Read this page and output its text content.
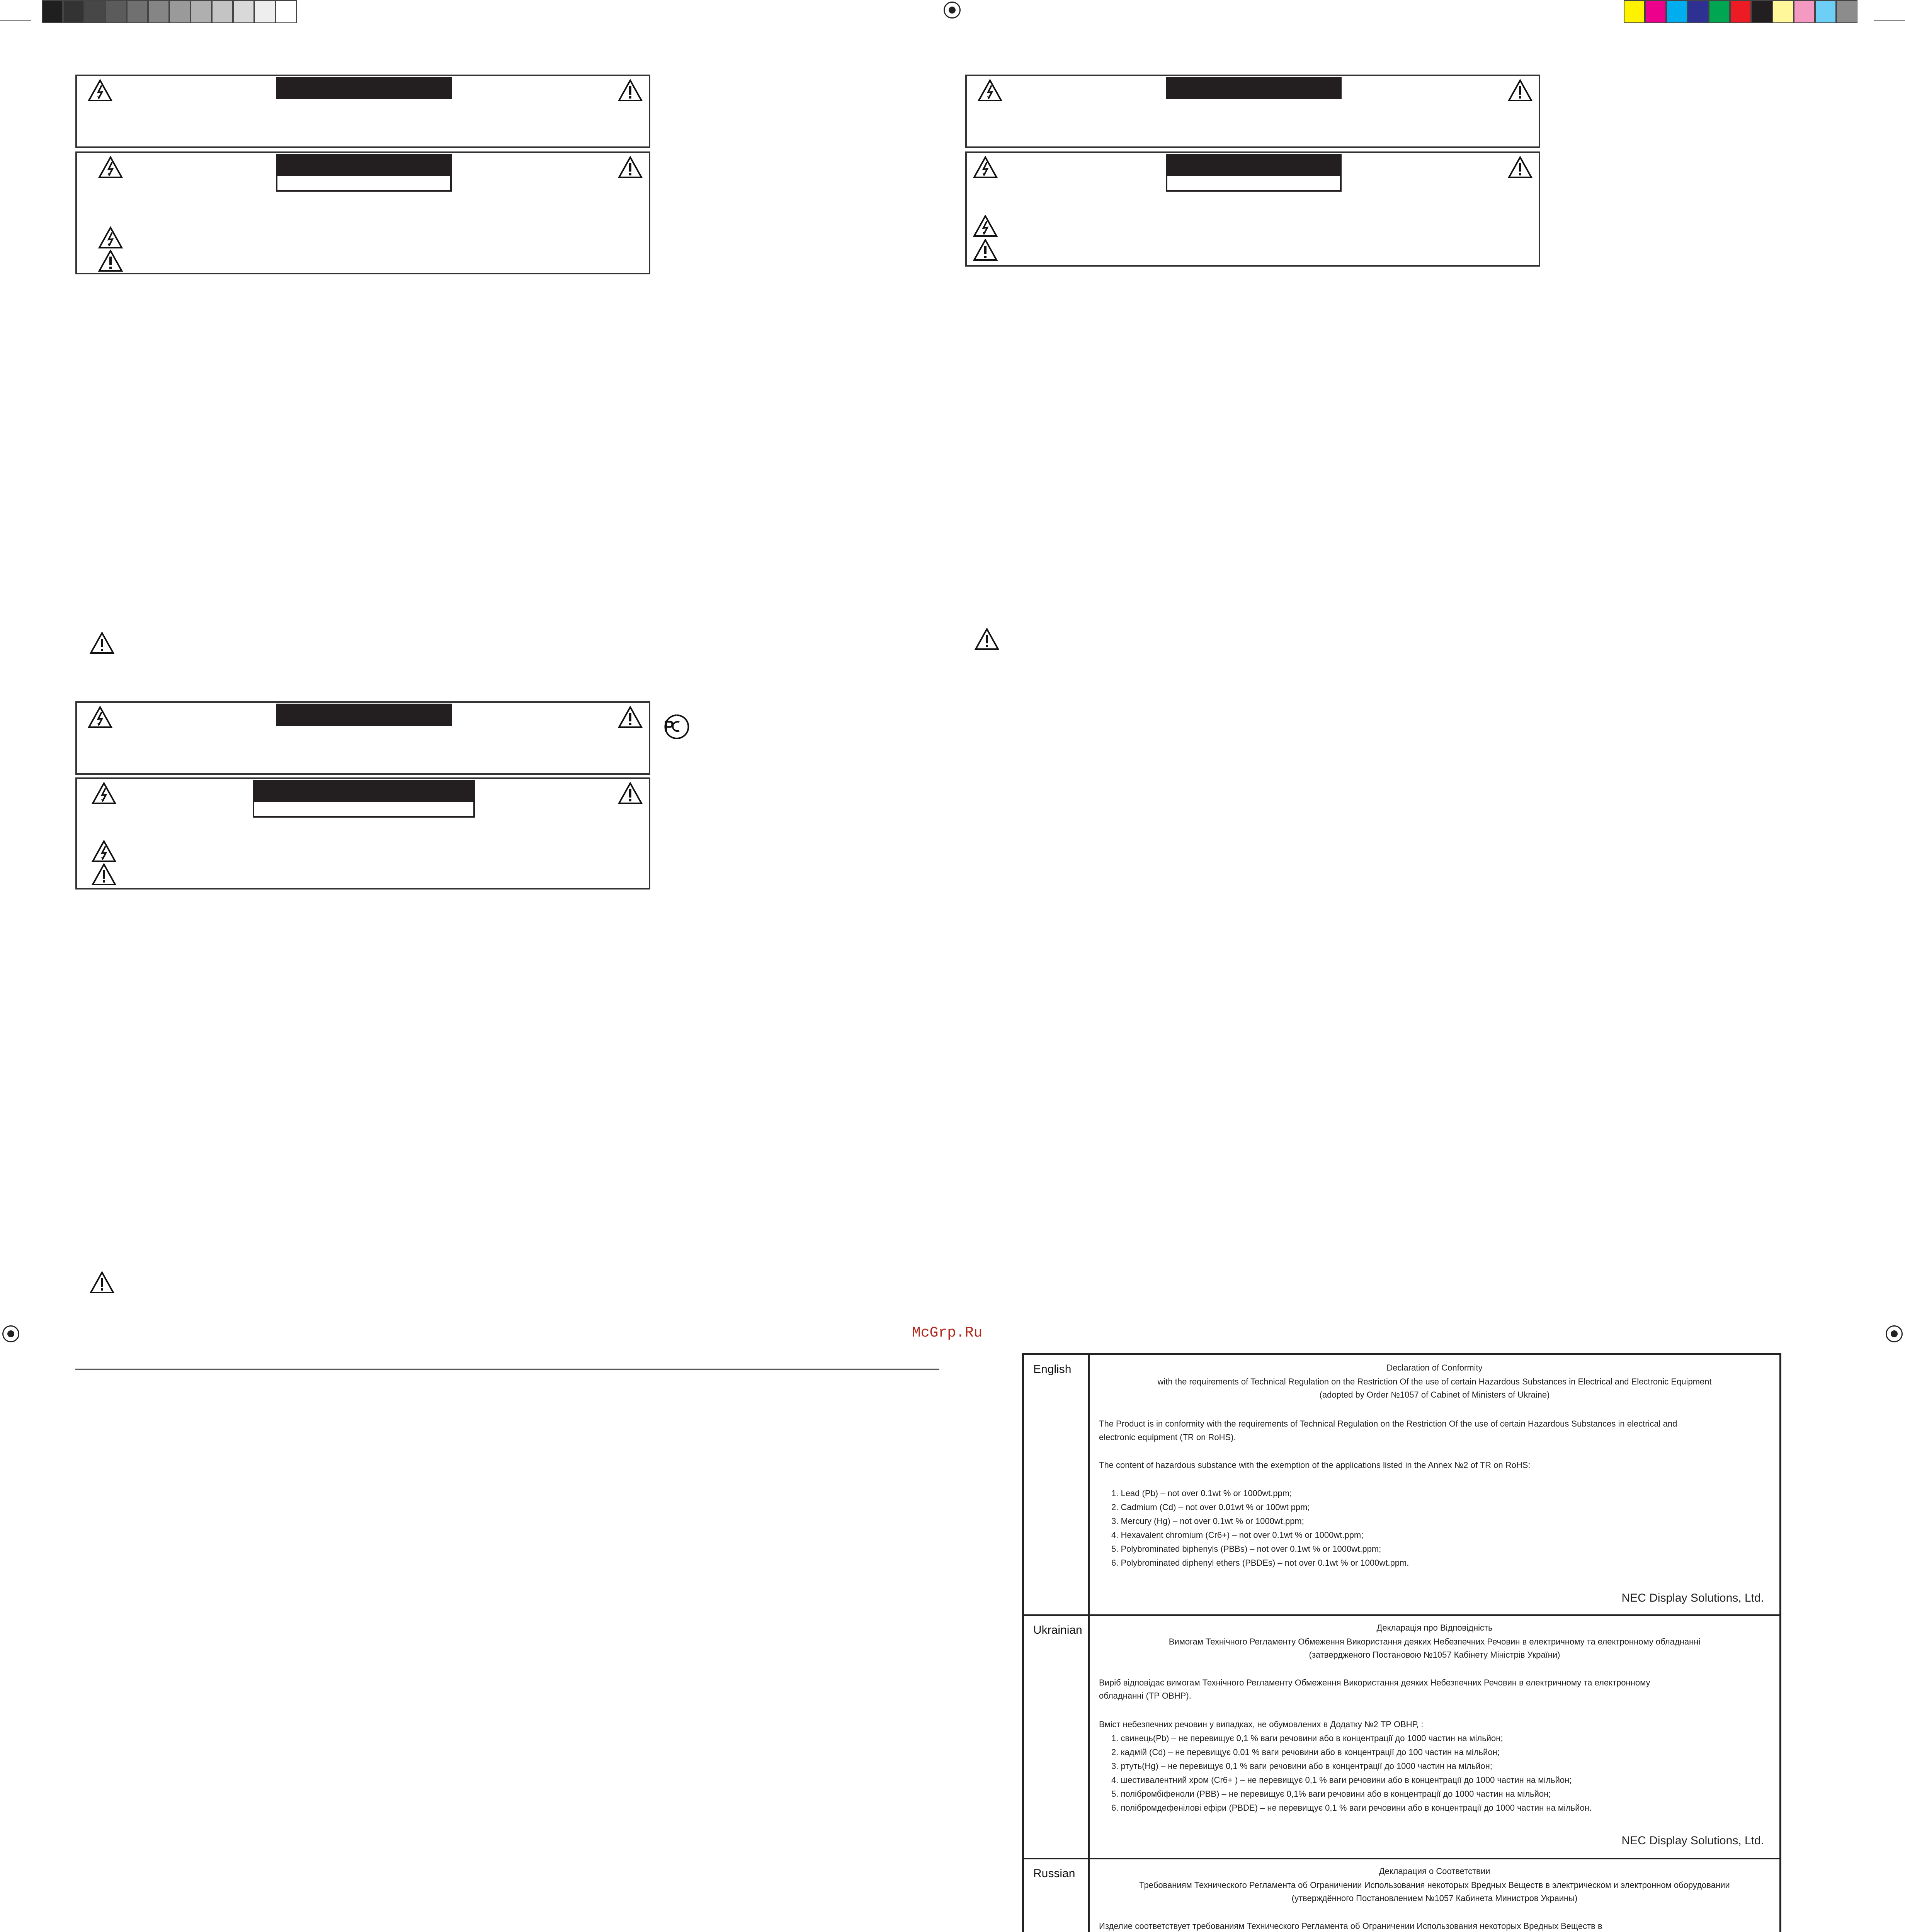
P
McGrp.Ru
English	Declaration of Conformity
with the requirements of Technical Regulation on the Restriction Of the use of certain Hazardous Substances in Electrical and Electronic Equipment
(adopted by Order №1057 of Cabinet of Ministers of Ukraine)
The Product is in conformity with the requirements of Technical Regulation on the Restriction Of the use of certain Hazardous Substances in electrical and
electronic equipment (TR on RoHS).
The content of hazardous substance with the exemption of the applications listed in the Annex №2 of TR on RoHS:
1. Lead (Pb) – not over 0.1wt % or 1000wt.ppm;
2. Cadmium (Cd) – not over 0.01wt % or 100wt ppm;
3. Mercury (Hg) – not over 0.1wt % or 1000wt.ppm;
4. Hexavalent chromium (Cr6+) – not over 0.1wt % or 1000wt.ppm;
5. Polybrominated biphenyls (PBBs) – not over 0.1wt % or 1000wt.ppm;
6. Polybrominated diphenyl ethers (PBDEs) – not over 0.1wt % or 1000wt.ppm.
NEC Display Solutions, Ltd.
Ukrainian	Декларація про Відповідність
Вимогам Технічного Регламенту Обмеження Використання деяких Небезпечних Речовин в електричному та електронному обладнанні
(затвердженого Постановою №1057 Кабінету Міністрів України)
Виріб відповідає вимогам Технічного Регламенту Обмеження Використання деяких Небезпечних Речовин в електричному та електронному
обладнанні (ТР ОВНР).
Вміст небезпечних речовин у випадках, не обумовлених в Додатку №2 ТР ОВНР, :
1. свинець(Pb) – не перевищує 0,1 % ваги речовини або в концентрації до 1000 частин на мільйон;
2. кадмій (Cd) – не перевищує 0,01 % ваги речовини або в концентрації до 100 частин на мільйон;
3. ртуть(Hg) – не перевищує 0,1 % ваги речовини або в концентрації до 1000 частин на мільйон;
4. шестивалентний хром (Cr6+ ) – не перевищує 0,1 % ваги речовини або в концентрації до 1000 частин на мільйон;
5. полібромбіфеноли (PBB) – не перевищує 0,1% ваги речовини або в концентрації до 1000 частин на мільйон;
6. полібромдефенілові ефіри (PBDE) – не перевищує 0,1 % ваги речовини або в концентрації до 1000 частин на мільйон.
NEC Display Solutions, Ltd.
Russian	Декларация о Соответствии
Требованиям Технического Регламента об Ограничении Использования некоторых Вредных Веществ в электрическом и электронном оборудовании
(утверждённого Постановлением №1057 Кабинета Министров Украины)
Изделие соответствует требованиям Технического Регламента об Ограничении Использования некоторых Вредных Веществ в
